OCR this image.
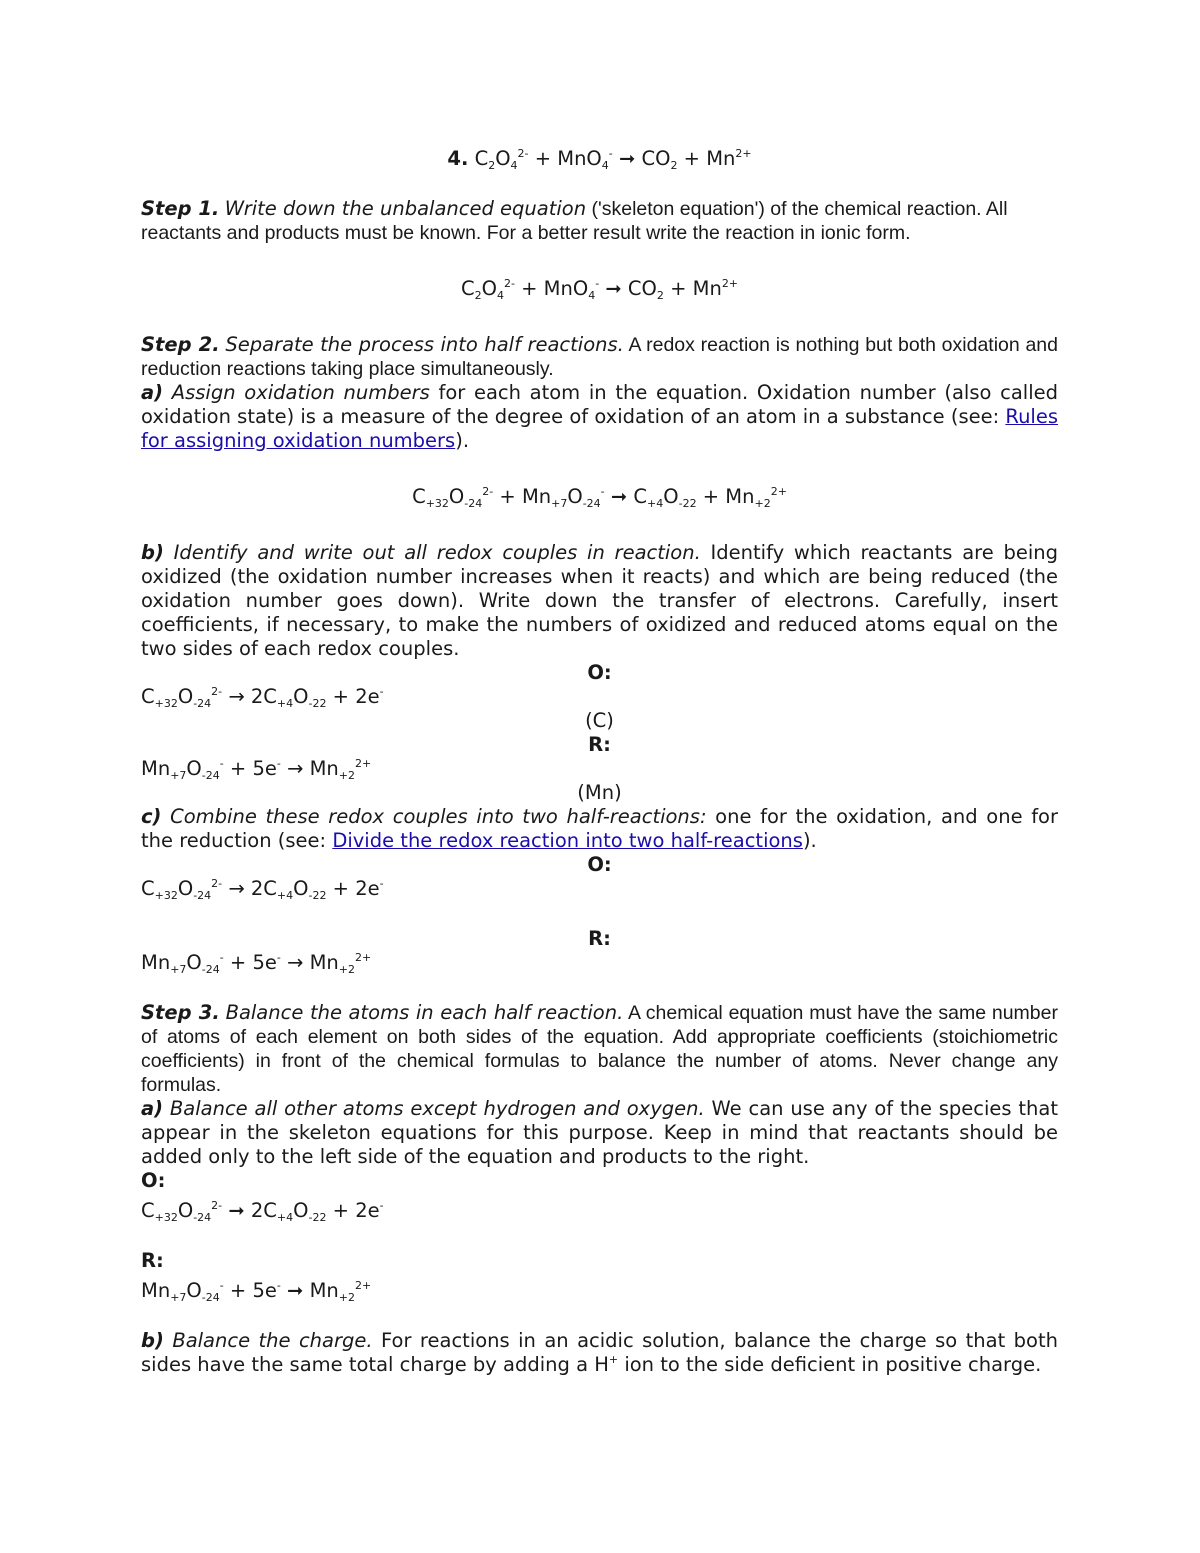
4. $C_2O_4^{2-} + MnO_4^-$ ➞ $CO_2 + Mn^{2+}$

Step 1. Write down the unbalanced equation ('skeleton equation') of the chemical reaction. All reactants and products must be known. For a better result write the reaction in ionic form.

$C_2O_4^{2-} + MnO_4^-$ ➞ $CO_2 + Mn^{2+}$

Step 2. Separate the process into half reactions. A redox reaction is nothing but both oxidation and reduction reactions taking place simultaneously.

a) Assign oxidation numbers for each atom in the equation. Oxidation number (also called oxidation state) is a measure of the degree of oxidation of an atom in a substance (see: Rules for assigning oxidation numbers).

$C_{+32}O_{-24}^{2-} + Mn_{+7}O_{-24}^-$ ➞ $C_{+4}O_{-22} + Mn_{+2}^{2+}$

b) Identify and write out all redox couples in reaction. Identify which reactants are being oxidized (the oxidation number increases when it reacts) and which are being reduced (the oxidation number goes down). Write down the transfer of electrons. Carefully, insert coefficients, if necessary, to make the numbers of oxidized and reduced atoms equal on the two sides of each redox couples.

O:

$C_{+32}O_{-24}^{2-} \to 2C_{+4}O_{-22} + 2e^-$

(C)

R:

$Mn_{+7}O_{-24}^- + 5e^- \to Mn_{+2}^{2+}$

(Mn)

c) Combine these redox couples into two half-reactions: one for the oxidation, and one for the reduction (see: Divide the redox reaction into two half-reactions).

O:

$C_{+32}O_{-24}^{2-} \to 2C_{+4}O_{-22} + 2e^-$

R:

$Mn_{+7}O_{-24}^- + 5e^- \to Mn_{+2}^{2+}$

Step 3. Balance the atoms in each half reaction. A chemical equation must have the same number of atoms of each element on both sides of the equation. Add appropriate coefficients (stoichiometric coefficients) in front of the chemical formulas to balance the number of atoms. Never change any formulas.

a) Balance all other atoms except hydrogen and oxygen. We can use any of the species that appear in the skeleton equations for this purpose. Keep in mind that reactants should be added only to the left side of the equation and products to the right.

O:

$C_{+32}O_{-24}^{2-}$ ➞ $2C_{+4}O_{-22} + 2e^-$

R:

$Mn_{+7}O_{-24}^- + 5e^-$ ➞ $Mn_{+2}^{2+}$

b) Balance the charge. For reactions in an acidic solution, balance the charge so that both sides have the same total charge by adding a H+ ion to the side deficient in positive charge.
